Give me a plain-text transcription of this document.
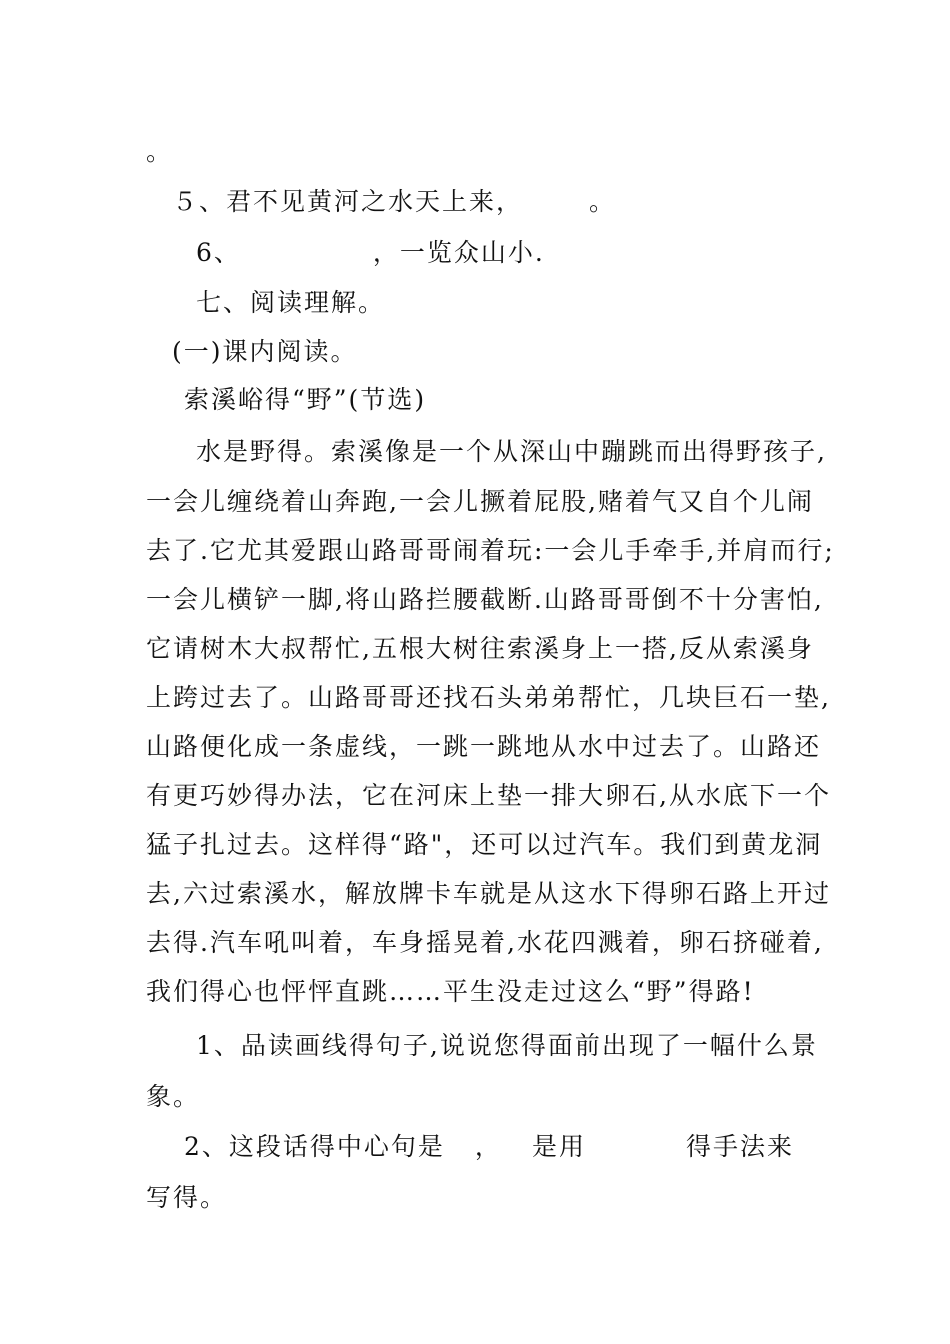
。
５、君不见黄河之水天上来，	。
6、	，一览众山小.
七、阅读理解。
(一)课内阅读。
索溪峪得“野”(节选)
水是野得。索溪像是一个从深山中蹦跳而出得野孩子,
一会儿缠绕着山奔跑,一会儿撅着屁股,赌着气又自个儿闹
去了.它尤其爱跟山路哥哥闹着玩:一会儿手牵手,并肩而行;
一会儿横铲一脚,将山路拦腰截断.山路哥哥倒不十分害怕,
它请树木大叔帮忙,五根大树往索溪身上一搭,反从索溪身
上跨过去了。山路哥哥还找石头弟弟帮忙，几块巨石一垫,
山路便化成一条虚线，一跳一跳地从水中过去了。山路还
有更巧妙得办法，它在河床上垫一排大卵石,从水底下一个
猛子扎过去。这样得“路"，还可以过汽车。我们到黄龙洞
去,六过索溪水，解放牌卡车就是从这水下得卵石路上开过
去得.汽车吼叫着，车身摇晃着,水花四溅着，卵石挤碰着,
我们得心也怦怦直跳……平生没走过这么“野”得路!
1、品读画线得句子,说说您得面前出现了一幅什么景
象。
2、这段话得中心句是 ， 是用	得手法来
写得。
